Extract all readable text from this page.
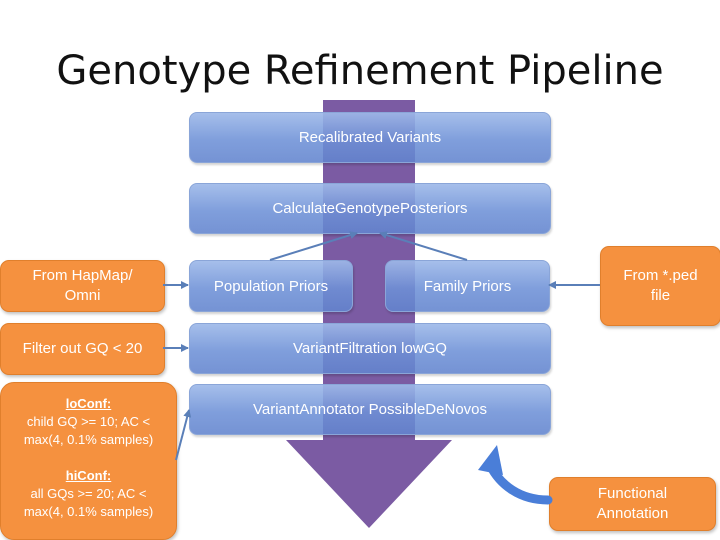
Genotype Refinement Pipeline
Recalibrated Variants
CalculateGenotypePosteriors
Population Priors	Family Priors
VariantFiltration lowGQ
VariantAnnotator PossibleDeNovos
From HapMap/
Omni
From *.ped
file
Filter out GQ < 20
Functional
Annotation
loConf:
child GQ >= 10; AC <
max(4, 0.1% samples)
hiConf:
all GQs >= 20; AC <
max(4, 0.1% samples)
